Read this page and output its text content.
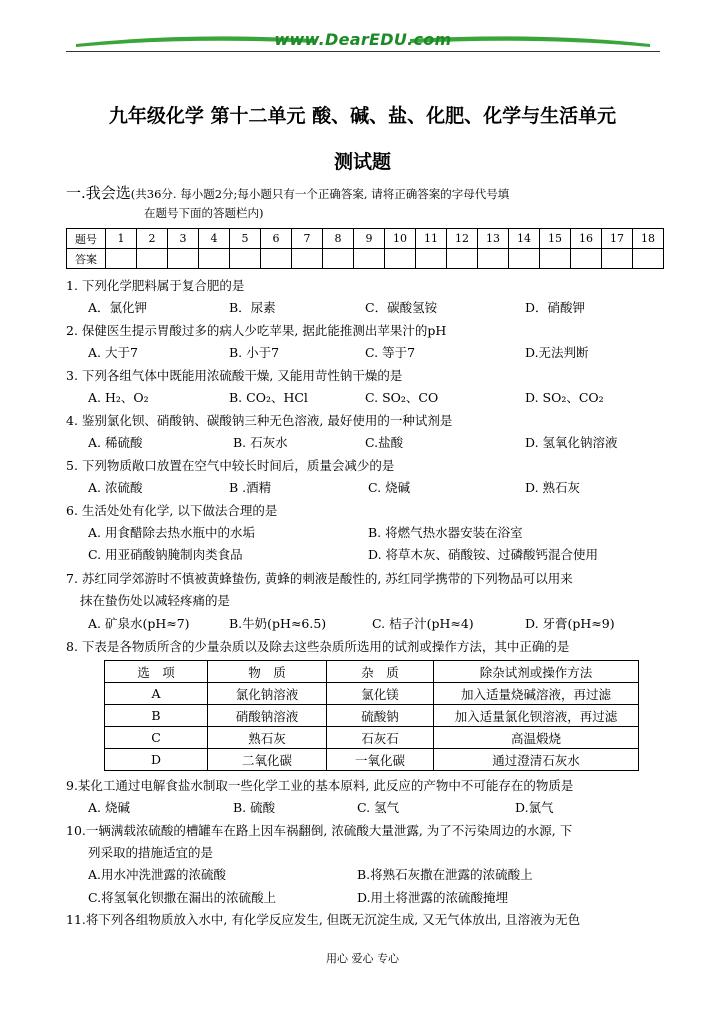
www.DearEDU.com
九年级化学 第十二单元 酸、碱、盐、化肥、化学与生活单元
测试题
一.我会选(共36分. 每小题2分;每小题只有一个正确答案, 请将正确答案的字母代号填
在题号下面的答题栏内)
题号	1	2	3	4	5	6	7	8	9	10	11	12	13	14	15	16	17	18
答案																		
1. 下列化学肥料属于复合肥的是
A．氯化钾	B．尿素	C．碳酸氢铵	D．硝酸钾
2. 保健医生提示胃酸过多的病人少吃苹果, 据此能推测出苹果汁的pH
A. 大于7	B. 小于7	C. 等于7	D.无法判断
3. 下列各组气体中既能用浓硫酸干燥, 又能用苛性钠干燥的是
A. H₂、O₂	B. CO₂、HCl	C. SO₂、CO	D. SO₂、CO₂
4. 鉴别氯化钡、硝酸钠、碳酸钠三种无色溶液, 最好使用的一种试剂是
A. 稀硫酸	B. 石灰水	C.盐酸	D. 氢氧化钠溶液
5. 下列物质敞口放置在空气中较长时间后，质量会减少的是
A. 浓硫酸	B .酒精	C. 烧碱	D. 熟石灰
6. 生活处处有化学, 以下做法合理的是
A. 用食醋除去热水瓶中的水垢	B. 将燃气热水器安装在浴室
C. 用亚硝酸钠腌制肉类食品	D. 将草木灰、硝酸铵、过磷酸钙混合使用
7. 苏红同学郊游时不慎被黄蜂蛰伤, 黄蜂的刺液是酸性的, 苏红同学携带的下列物品可以用来
抹在蛰伤处以减轻疼痛的是
A. 矿泉水(pH≈7)	B.牛奶(pH≈6.5)	C. 桔子汁(pH≈4)	D. 牙膏(pH≈9)
8. 下表是各物质所含的少量杂质以及除去这些杂质所选用的试剂或操作方法，其中正确的是
选　项	物　质	杂　质	除杂试剂或操作方法
A	氯化钠溶液	氯化镁	加入适量烧碱溶液，再过滤
B	硝酸钠溶液	硫酸钠	加入适量氯化钡溶液，再过滤
C	熟石灰	石灰石	高温煅烧
D	二氧化碳	一氧化碳	通过澄清石灰水
9.某化工通过电解食盐水制取一些化学工业的基本原料, 此反应的产物中不可能存在的物质是
A. 烧碱	B. 硫酸	C. 氢气	D.氯气
10.一辆满载浓硫酸的槽罐车在路上因车祸翻倒, 浓硫酸大量泄露, 为了不污染周边的水源, 下
列采取的措施适宜的是
A.用水冲洗泄露的浓硫酸	B.将熟石灰撒在泄露的浓硫酸上
C.将氢氧化钡撒在漏出的浓硫酸上	D.用土将泄露的浓硫酸掩埋
11.将下列各组物质放入水中, 有化学反应发生, 但既无沉淀生成, 又无气体放出, 且溶液为无色
用心 爱心 专心
